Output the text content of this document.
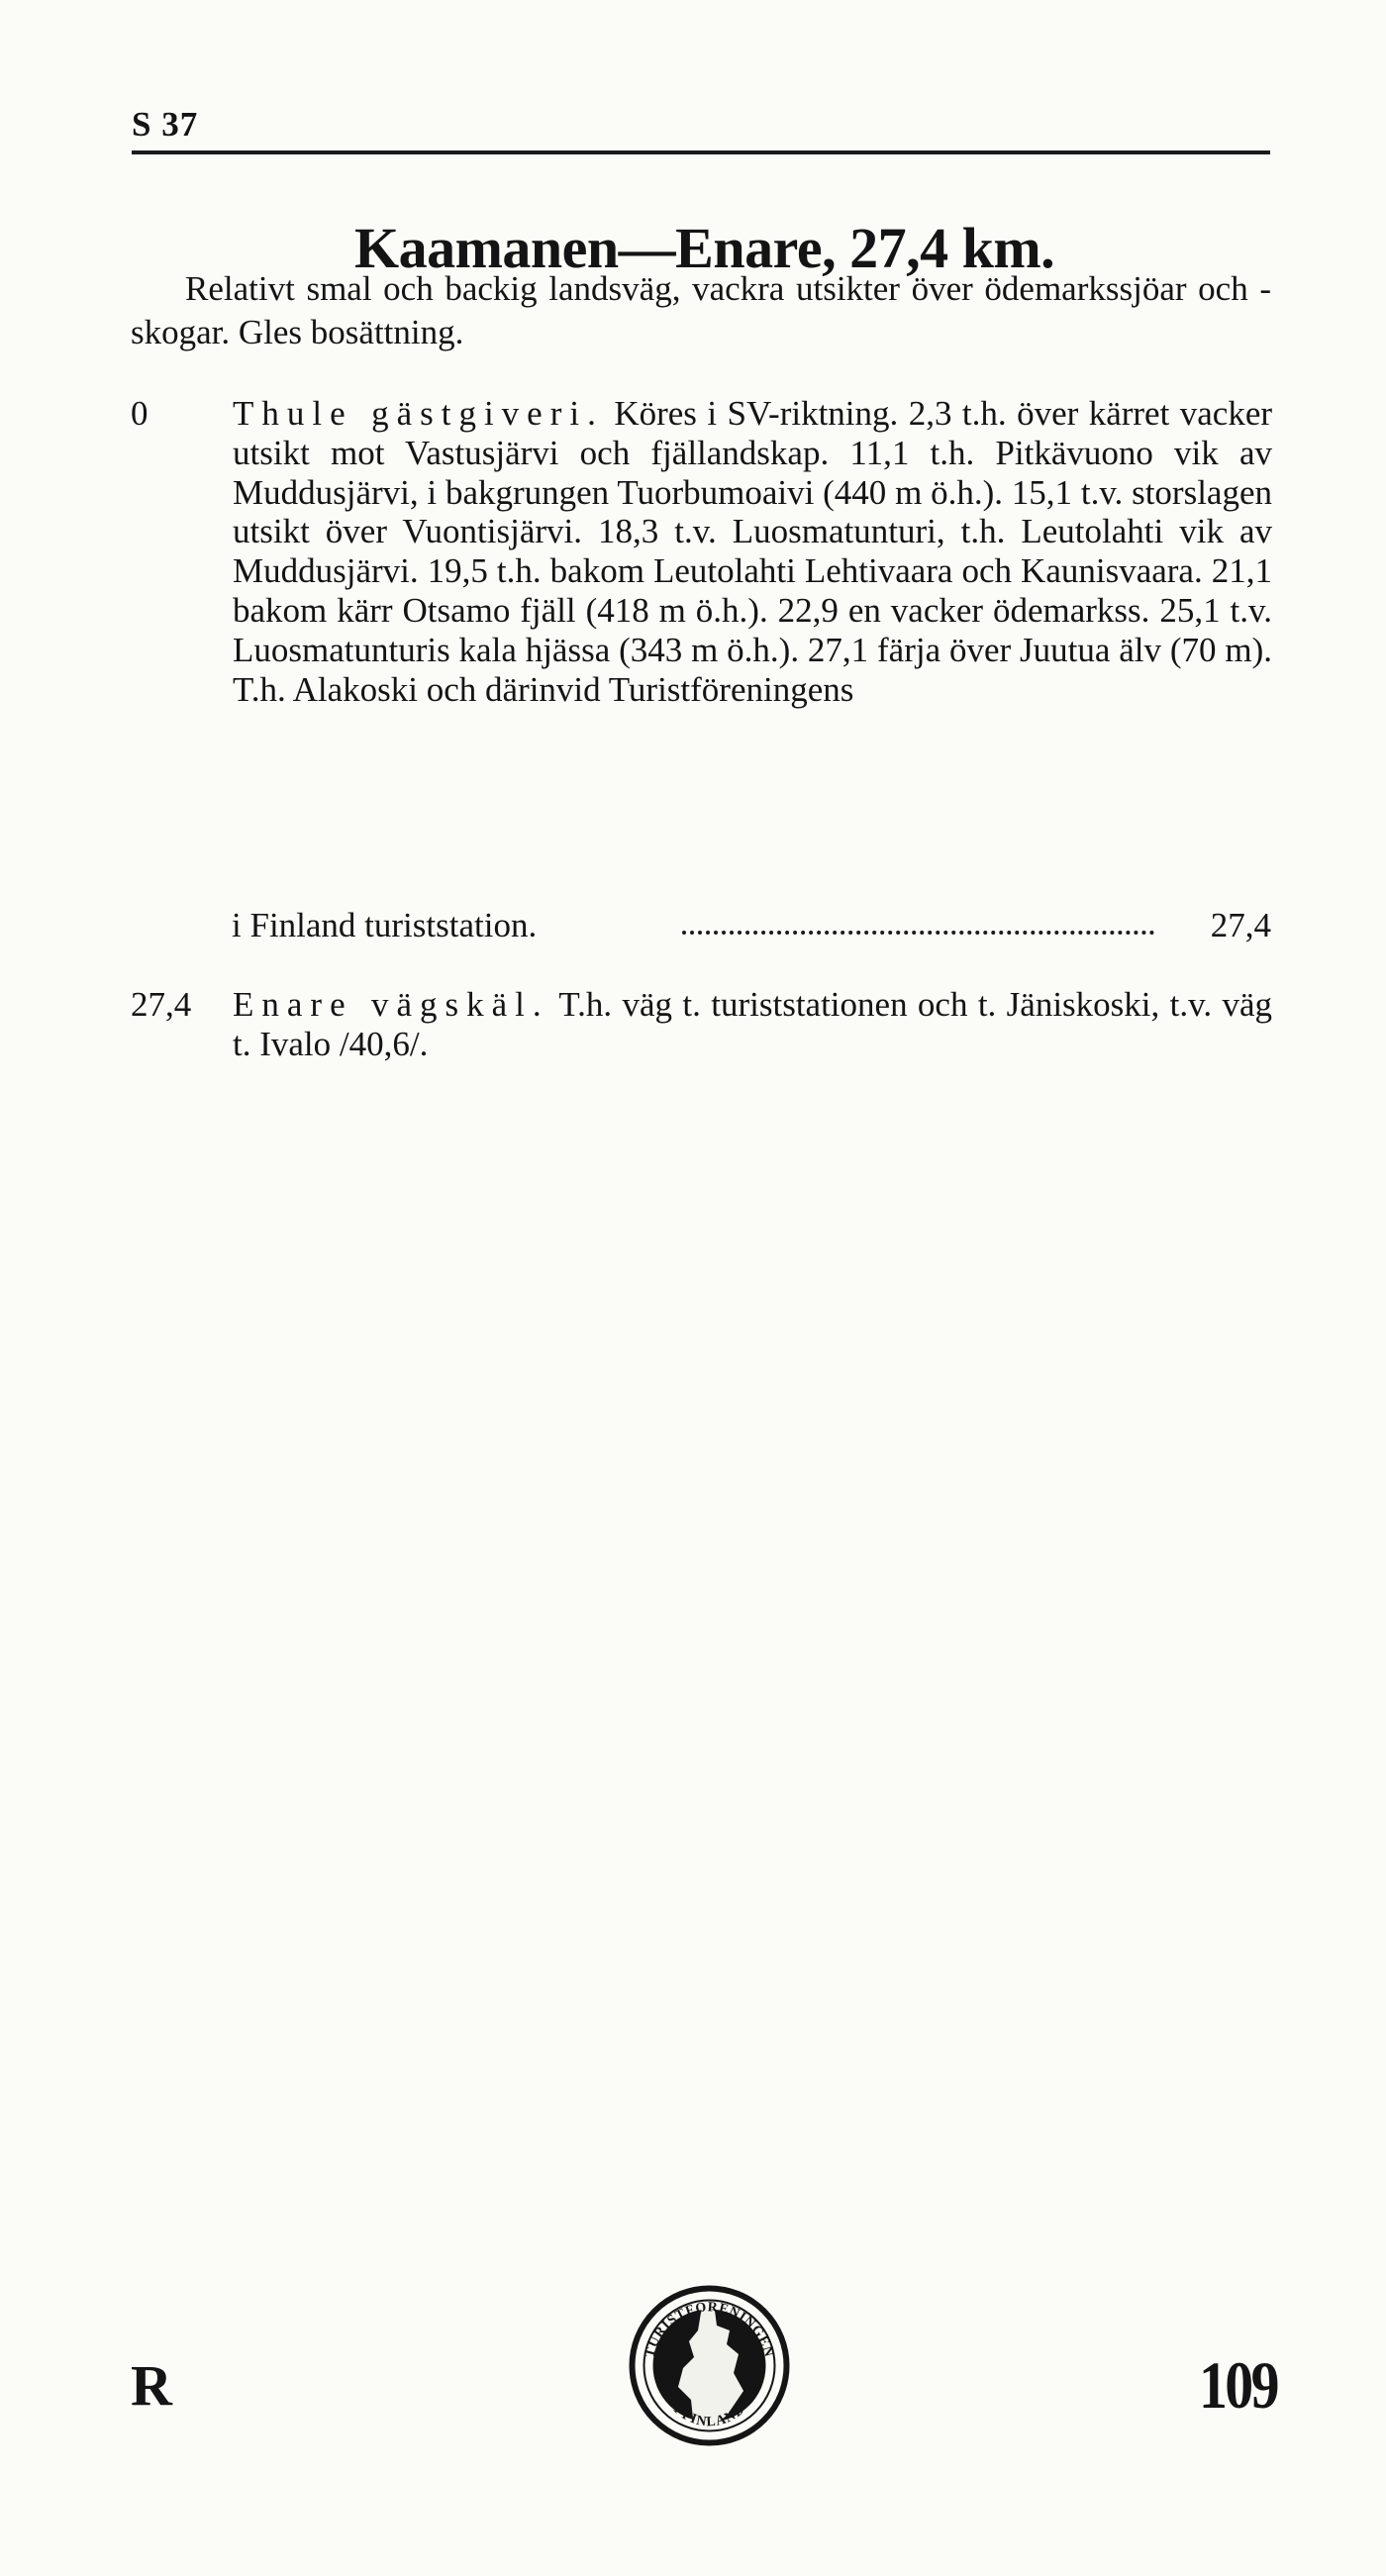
S 37
Kaamanen—Enare, 27,4 km.

Relativt smal och backig landsväg, vackra utsikter över ödemarkssjöar och -skogar. Gles bosättning.

0	Thule gästgiveri. Köres i SV-riktning. 2,3 t.h. över kärret vacker utsikt mot Vastusjärvi och fjällandskap. 11,1 t.h. Pitkävuono vik av Muddusjärvi, i bakgrungen Tuorbumoaivi (440 m ö.h.). 15,1 t.v. storslagen utsikt över Vuontisjärvi. 18,3 t.v. Luosmatunturi, t.h. Leutolahti vik av Muddusjärvi. 19,5 t.h. bakom Leutolahti Lehtivaara och Kaunisvaara. 21,1 bakom kärr Otsamo fjäll (418 m ö.h.). 22,9 en vacker ödemarkss. 25,1 t.v. Luosmatunturis kala hjässa (343 m ö.h.). 27,1 färja över Juutua älv (70 m). T.h. Alakoski och därinvid Turistföreningens

i Finland turiststation.	27,4
27,4	Enare vägskäl. T.h. väg t. turiststationen och t. Jäniskoski, t.v. väg t. Ivalo /40,6/.

R
TURISTFÖRENINGEN
I FINLAND	109
